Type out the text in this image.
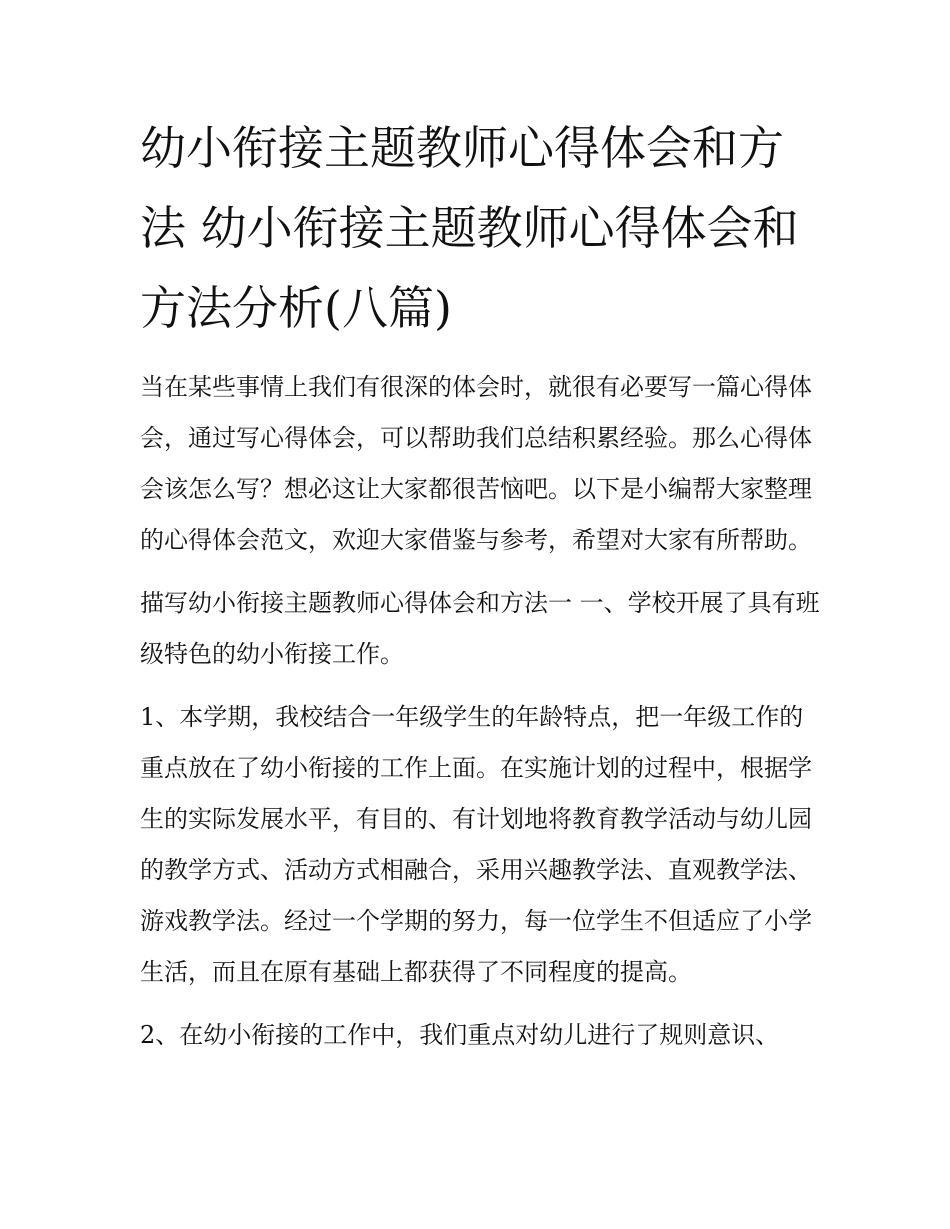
幼小衔接主题教师心得体会和方法 幼小衔接主题教师心得体会和方法分析(八篇)

当在某些事情上我们有很深的体会时，就很有必要写一篇心得体会，通过写心得体会，可以帮助我们总结积累经验。那么心得体会该怎么写？想必这让大家都很苦恼吧。以下是小编帮大家整理的心得体会范文，欢迎大家借鉴与参考，希望对大家有所帮助。

描写幼小衔接主题教师心得体会和方法一 一、学校开展了具有班级特色的幼小衔接工作。

1、本学期，我校结合一年级学生的年龄特点，把一年级工作的重点放在了幼小衔接的工作上面。在实施计划的过程中，根据学生的实际发展水平，有目的、有计划地将教育教学活动与幼儿园的教学方式、活动方式相融合，采用兴趣教学法、直观教学法、游戏教学法。经过一个学期的努力，每一位学生不但适应了小学生活，而且在原有基础上都获得了不同程度的提高。

2、在幼小衔接的工作中，我们重点对幼儿进行了规则意识、
